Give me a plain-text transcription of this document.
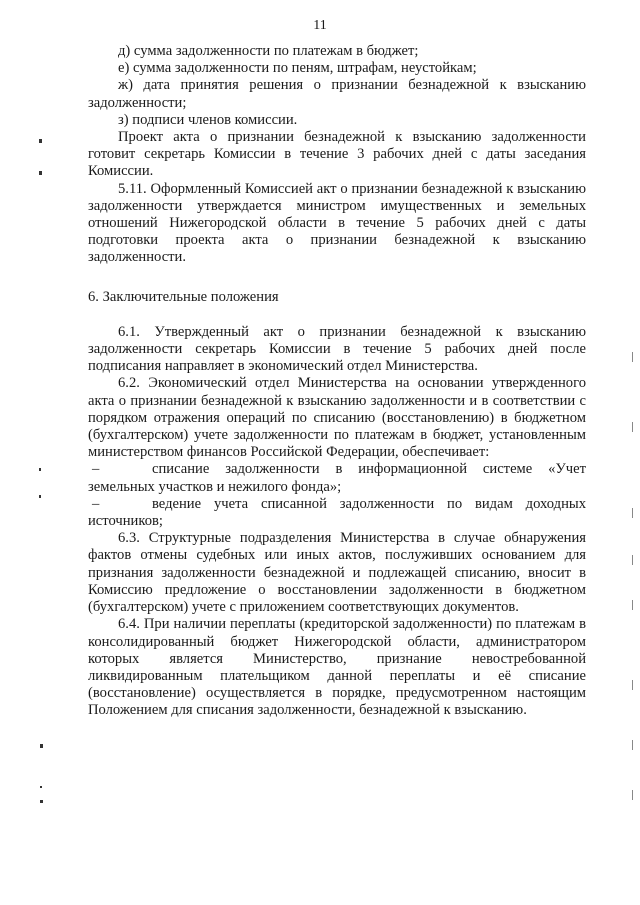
11

д) сумма задолженности по платежам в бюджет;

е) сумма задолженности по пеням, штрафам, неустойкам;

ж) дата принятия решения о признании безнадежной к взысканию задолженности;

з) подписи членов комиссии.

Проект акта о признании безнадежной к взысканию задолженности готовит секретарь Комиссии в течение 3 рабочих дней с даты заседания Комиссии.

5.11. Оформленный Комиссией акт о признании безнадежной к взысканию задолженности утверждается министром имущественных и земельных отношений Нижегородской области в течение 5 рабочих дней с даты подготовки проекта акта о признании безнадежной к взысканию задолженности.

6. Заключительные положения

6.1. Утвержденный акт о признании безнадежной к взысканию задолженности секретарь Комиссии в течение 5 рабочих дней после подписания направляет в экономический отдел Министерства.

6.2. Экономический отдел Министерства на основании утвержденного акта о признании безнадежной к взысканию задолженности и в соответствии с порядком отражения операций по списанию (восстановлению) в бюджетном (бухгалтерском) учете задолженности по платежам в бюджет, установленным министерством финансов Российской Федерации, обеспечивает:

–	списание задолженности в информационной системе «Учет земельных участков и нежилого фонда»;
–	ведение учета списанной задолженности по видам доходных источников;

6.3. Структурные подразделения Министерства в случае обнаружения фактов отмены судебных или иных актов, послуживших основанием для признания задолженности безнадежной и подлежащей списанию, вносит в Комиссию предложение о восстановлении задолженности в бюджетном (бухгалтерском) учете с приложением соответствующих документов.

6.4. При наличии переплаты (кредиторской задолженности) по платежам в консолидированный бюджет Нижегородской области, администратором которых является Министерство, признание невостребованной ликвидированным плательщиком данной переплаты и её списание (восстановление) осуществляется в порядке, предусмотренном настоящим Положением для списания задолженности, безнадежной к взысканию.
